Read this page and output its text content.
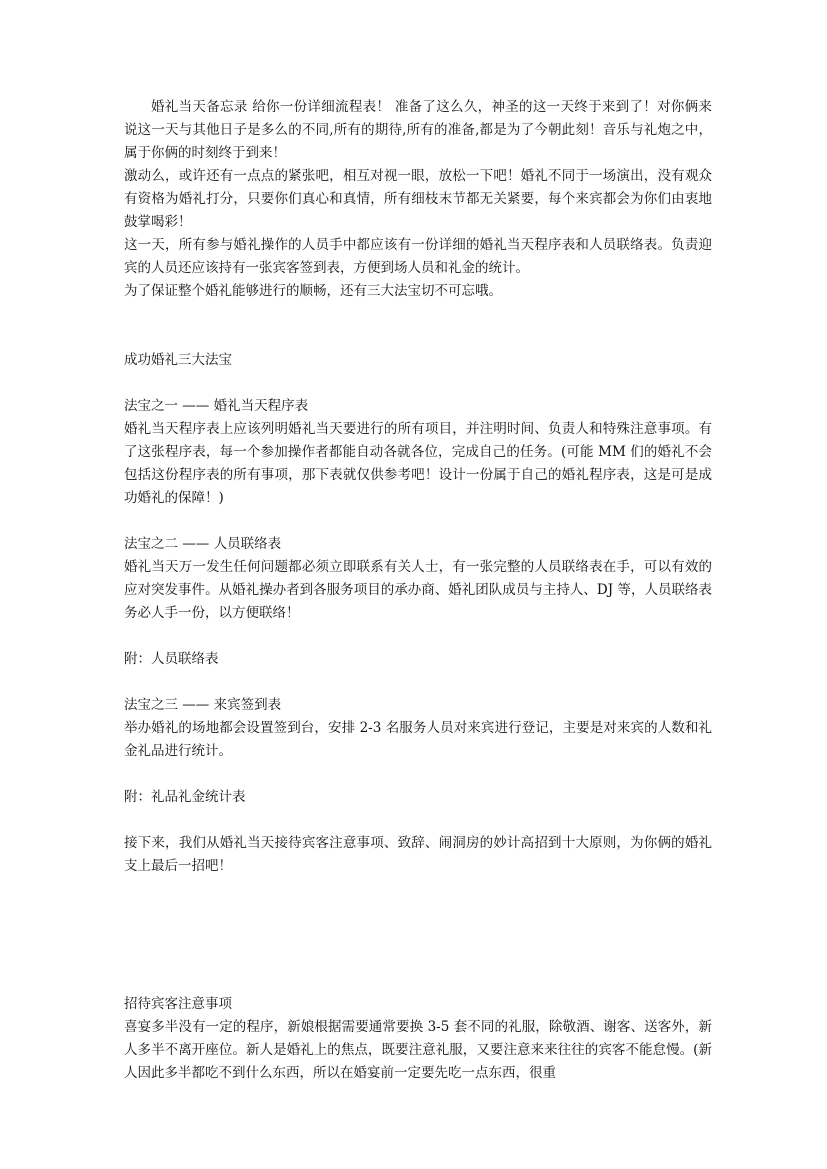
婚礼当天备忘录 给你一份详细流程表！ 准备了这么久，神圣的这一天终于来到了！对你俩来说这一天与其他日子是多么的不同,所有的期待,所有的准备,都是为了今朝此刻！音乐与礼炮之中，属于你俩的时刻终于到来！

激动么，或许还有一点点的紧张吧，相互对视一眼，放松一下吧！婚礼不同于一场演出，没有观众有资格为婚礼打分，只要你们真心和真情，所有细枝末节都无关紧要，每个来宾都会为你们由衷地鼓掌喝彩！

这一天，所有参与婚礼操作的人员手中都应该有一份详细的婚礼当天程序表和人员联络表。负责迎宾的人员还应该持有一张宾客签到表，方便到场人员和礼金的统计。

为了保证整个婚礼能够进行的顺畅，还有三大法宝切不可忘哦。

成功婚礼三大法宝

法宝之一 —— 婚礼当天程序表

婚礼当天程序表上应该列明婚礼当天要进行的所有项目，并注明时间、负责人和特殊注意事项。有了这张程序表，每一个参加操作者都能自动各就各位，完成自己的任务。(可能 MM 们的婚礼不会包括这份程序表的所有事项，那下表就仅供参考吧！设计一份属于自己的婚礼程序表，这是可是成功婚礼的保障！)

法宝之二 —— 人员联络表

婚礼当天万一发生任何问题都必须立即联系有关人士，有一张完整的人员联络表在手，可以有效的应对突发事件。从婚礼操办者到各服务项目的承办商、婚礼团队成员与主持人、DJ 等，人员联络表务必人手一份，以方便联络！

附：人员联络表

法宝之三 —— 来宾签到表

举办婚礼的场地都会设置签到台，安排 2-3 名服务人员对来宾进行登记，主要是对来宾的人数和礼金礼品进行统计。

附：礼品礼金统计表

接下来，我们从婚礼当天接待宾客注意事项、致辞、闹洞房的妙计高招到十大原则，为你俩的婚礼支上最后一招吧！

招待宾客注意事项

喜宴多半没有一定的程序，新娘根据需要通常要换 3-5 套不同的礼服，除敬酒、谢客、送客外，新人多半不离开座位。新人是婚礼上的焦点，既要注意礼服，又要注意来来往往的宾客不能怠慢。(新人因此多半都吃不到什么东西，所以在婚宴前一定要先吃一点东西，很重
